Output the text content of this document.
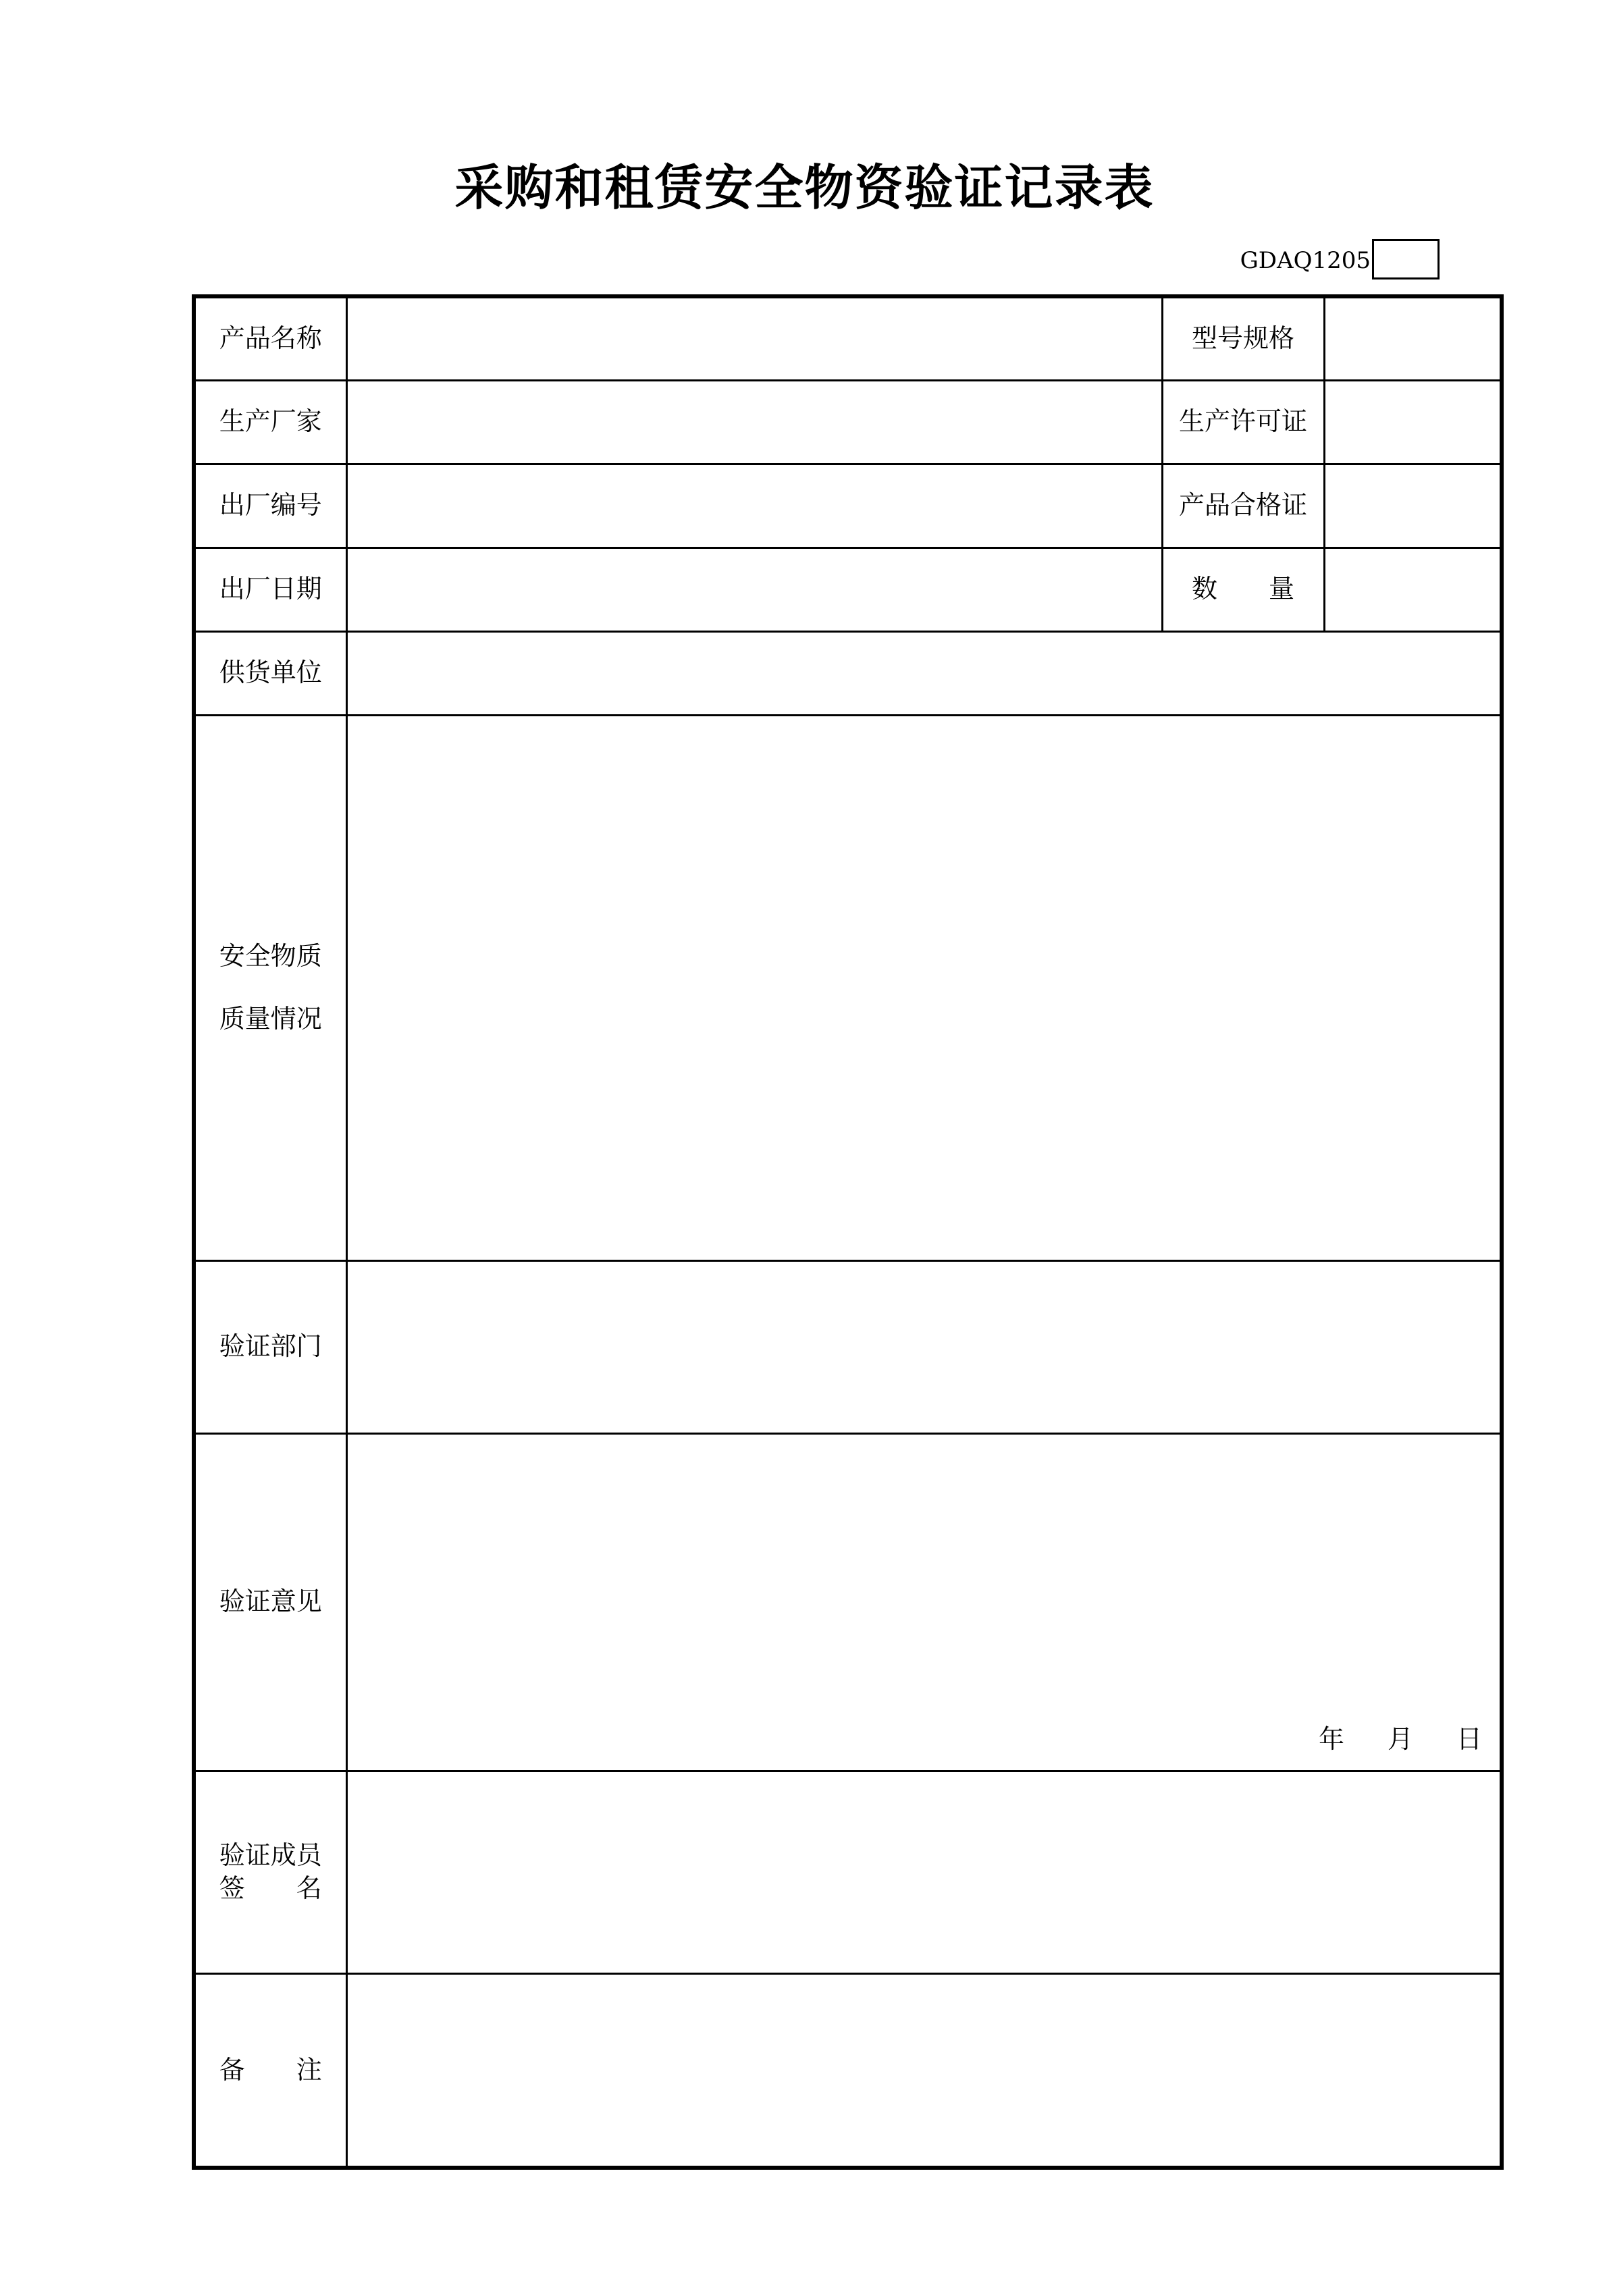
采购和租赁安全物资验证记录表
GDAQ1205
产品名称		型号规格	
生产厂家		生产许可证	
出厂编号		产品合格证	
出厂日期		数　　量	
供货单位			

安全物质
质量情况			

验证部门			
验证意见	年 月 日		

验证成员
签　　名			

备　　注			
